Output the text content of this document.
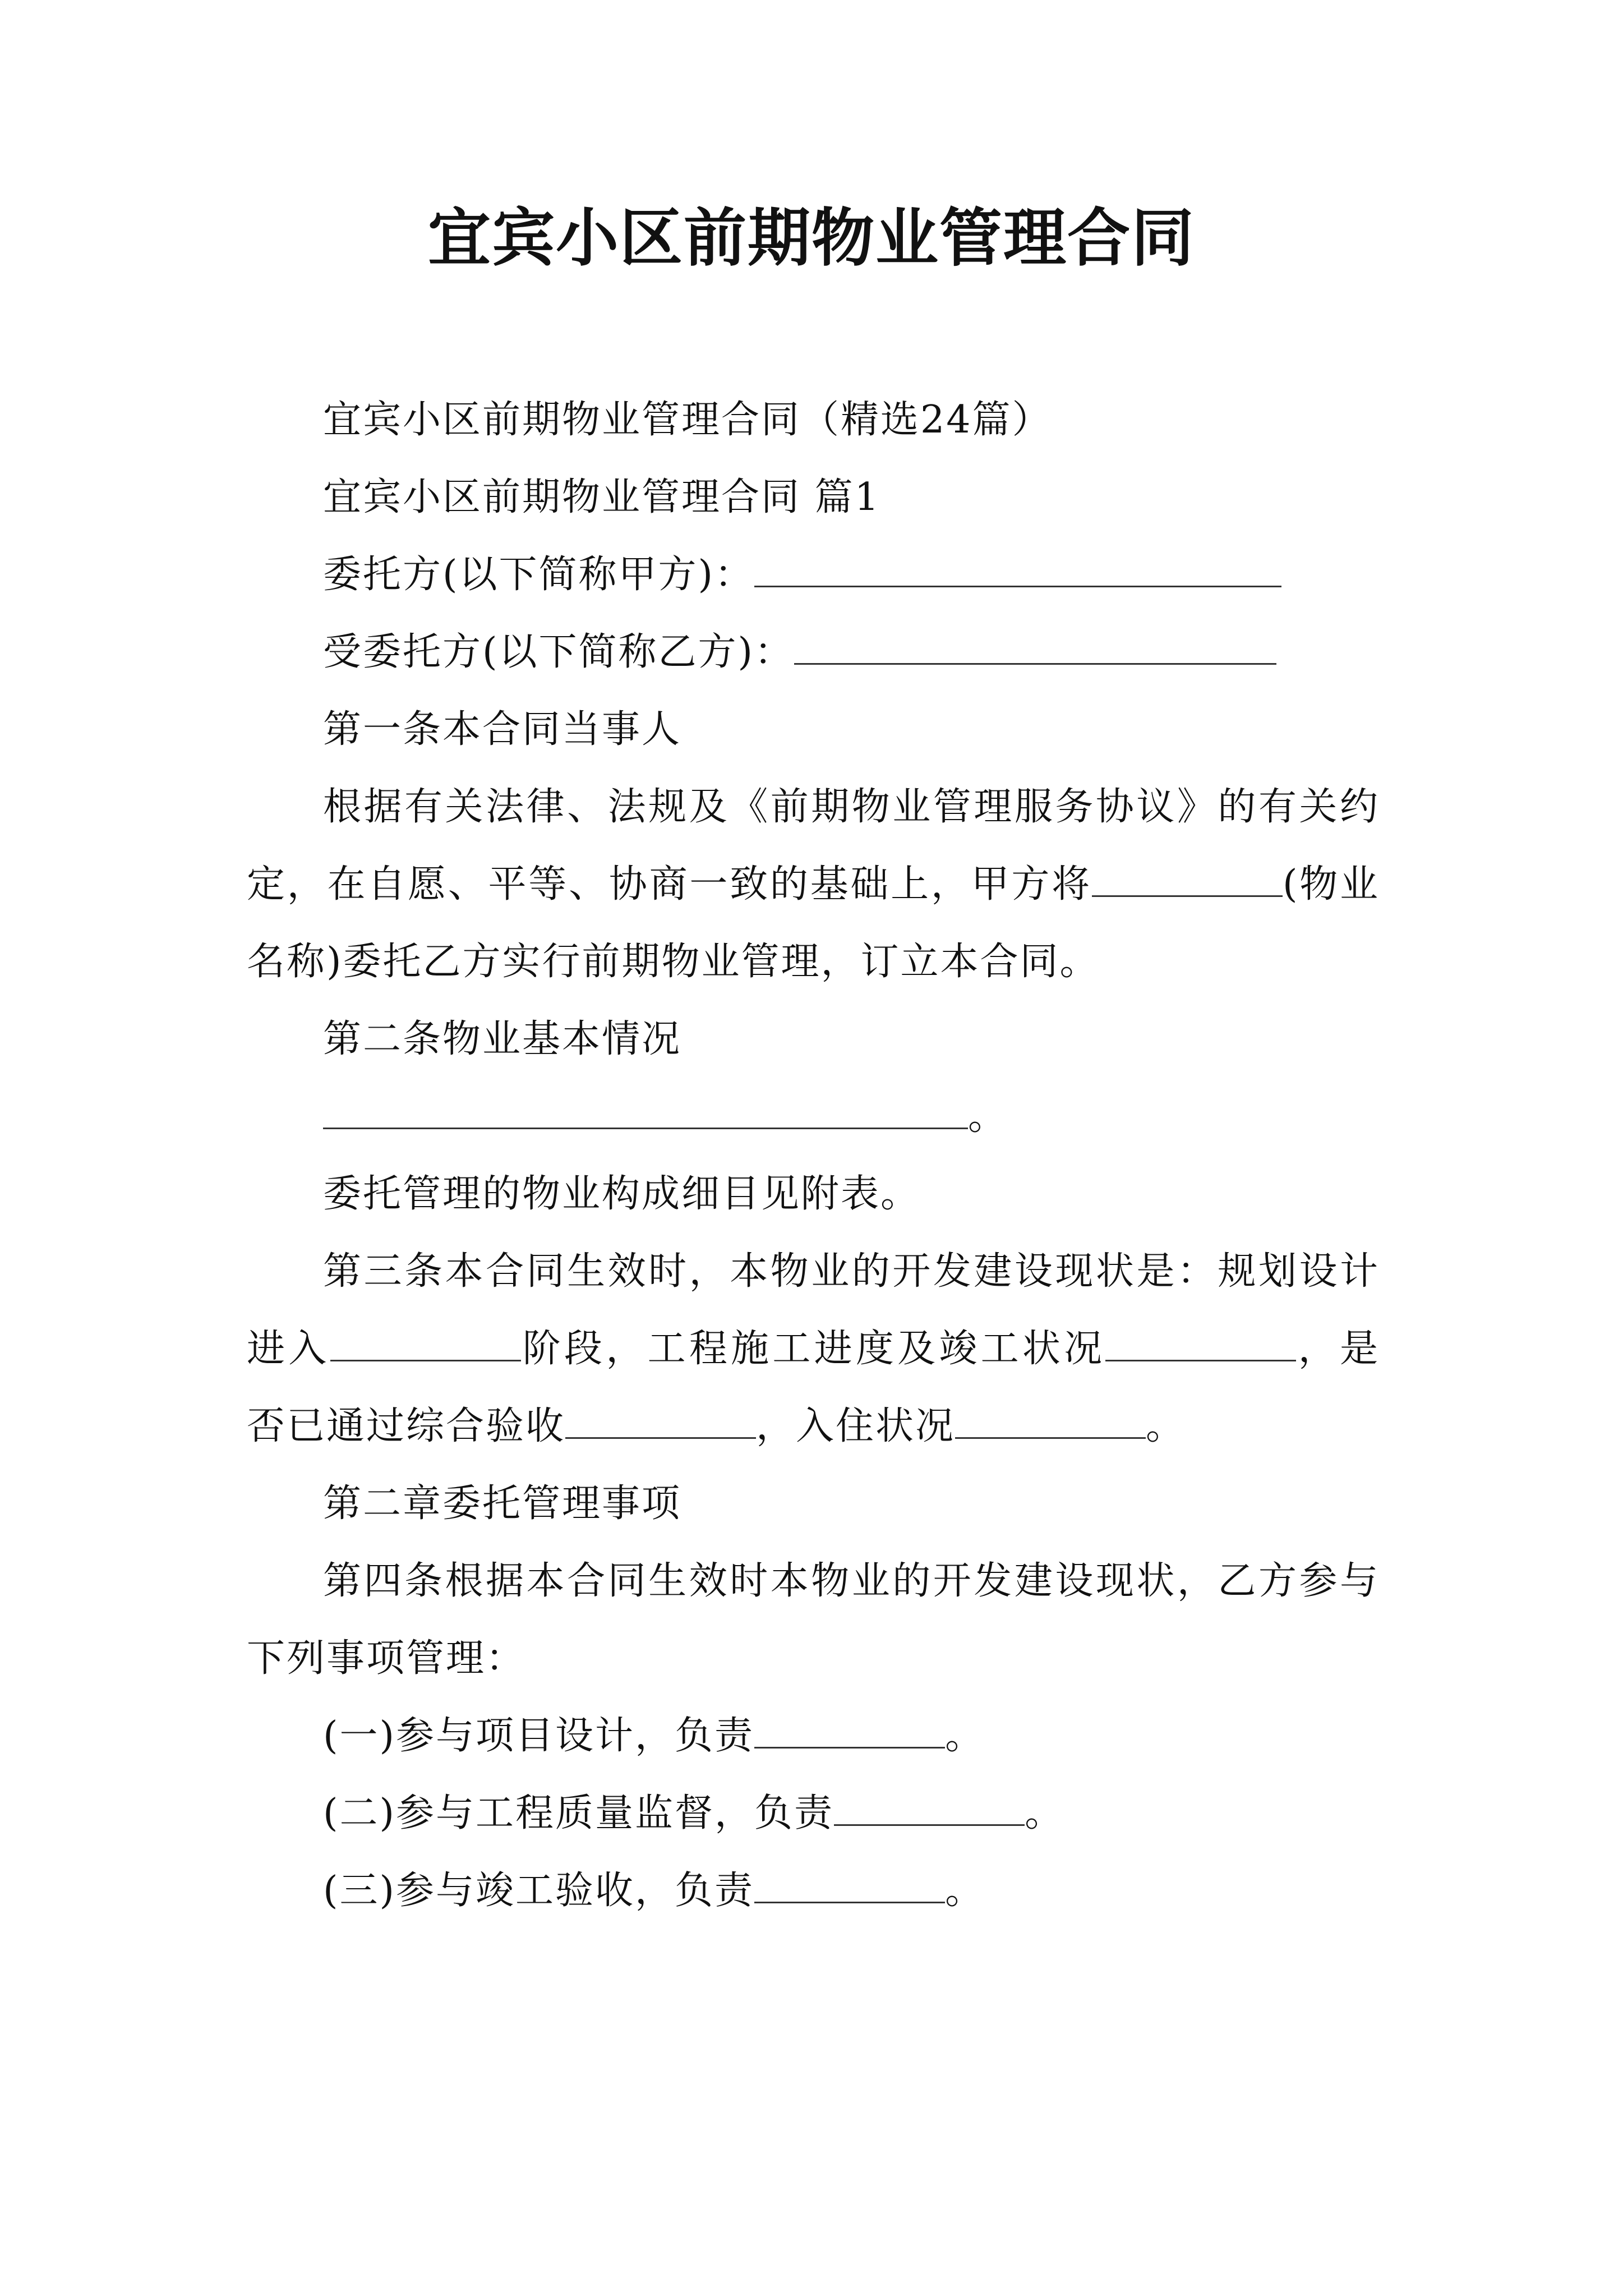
宜宾小区前期物业管理合同

宜宾小区前期物业管理合同（精选24篇）

宜宾小区前期物业管理合同 篇1

委托方(以下简称甲方)：

受委托方(以下简称乙方)：

第一条本合同当事人

根据有关法律、法规及《前期物业管理服务协议》的有关约定，在自愿、平等、协商一致的基础上，甲方将	(物业名称)委托乙方实行前期物业管理，订立本合同。

第二条物业基本情况

。

委托管理的物业构成细目见附表。

第三条本合同生效时，本物业的开发建设现状是：规划设计进入	阶段，工程施工进度及竣工状况	，是否已通过综合验收	，入住状况	。

第二章委托管理事项

第四条根据本合同生效时本物业的开发建设现状，乙方参与下列事项管理：

(一)参与项目设计，负责	。

(二)参与工程质量监督，负责	。

(三)参与竣工验收，负责	。
